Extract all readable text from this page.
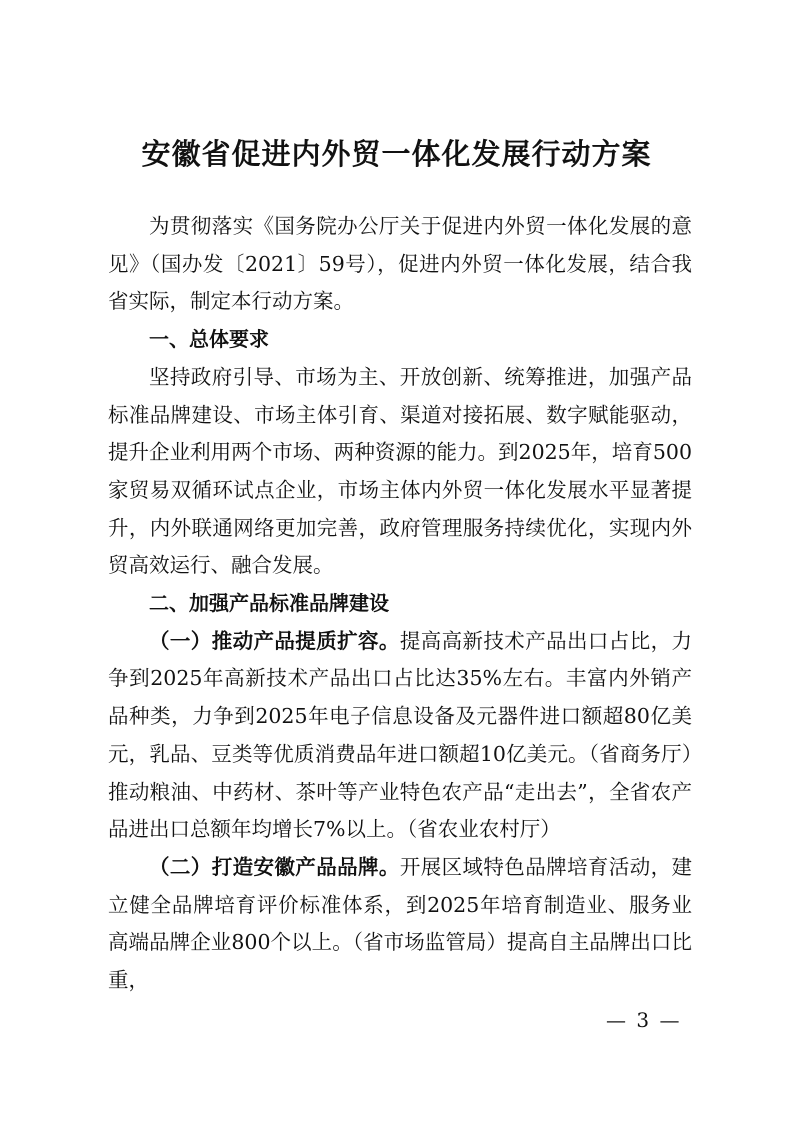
安徽省促进内外贸一体化发展行动方案

为贯彻落实《国务院办公厅关于促进内外贸一体化发展的意见》（国办发〔2021〕59号），促进内外贸一体化发展，结合我省实际，制定本行动方案。

一、总体要求

坚持政府引导、市场为主、开放创新、统筹推进，加强产品标准品牌建设、市场主体引育、渠道对接拓展、数字赋能驱动，提升企业利用两个市场、两种资源的能力。到2025年，培育500家贸易双循环试点企业，市场主体内外贸一体化发展水平显著提升，内外联通网络更加完善，政府管理服务持续优化，实现内外贸高效运行、融合发展。

二、加强产品标准品牌建设

（一）推动产品提质扩容。提高高新技术产品出口占比，力争到2025年高新技术产品出口占比达35%左右。丰富内外销产品种类，力争到2025年电子信息设备及元器件进口额超80亿美元，乳品、豆类等优质消费品年进口额超10亿美元。（省商务厅）推动粮油、中药材、茶叶等产业特色农产品“走出去”，全省农产品进出口总额年均增长7%以上。（省农业农村厅）

（二）打造安徽产品品牌。开展区域特色品牌培育活动，建立健全品牌培育评价标准体系，到2025年培育制造业、服务业高端品牌企业800个以上。（省市场监管局）提高自主品牌出口比重，

— 3 —
